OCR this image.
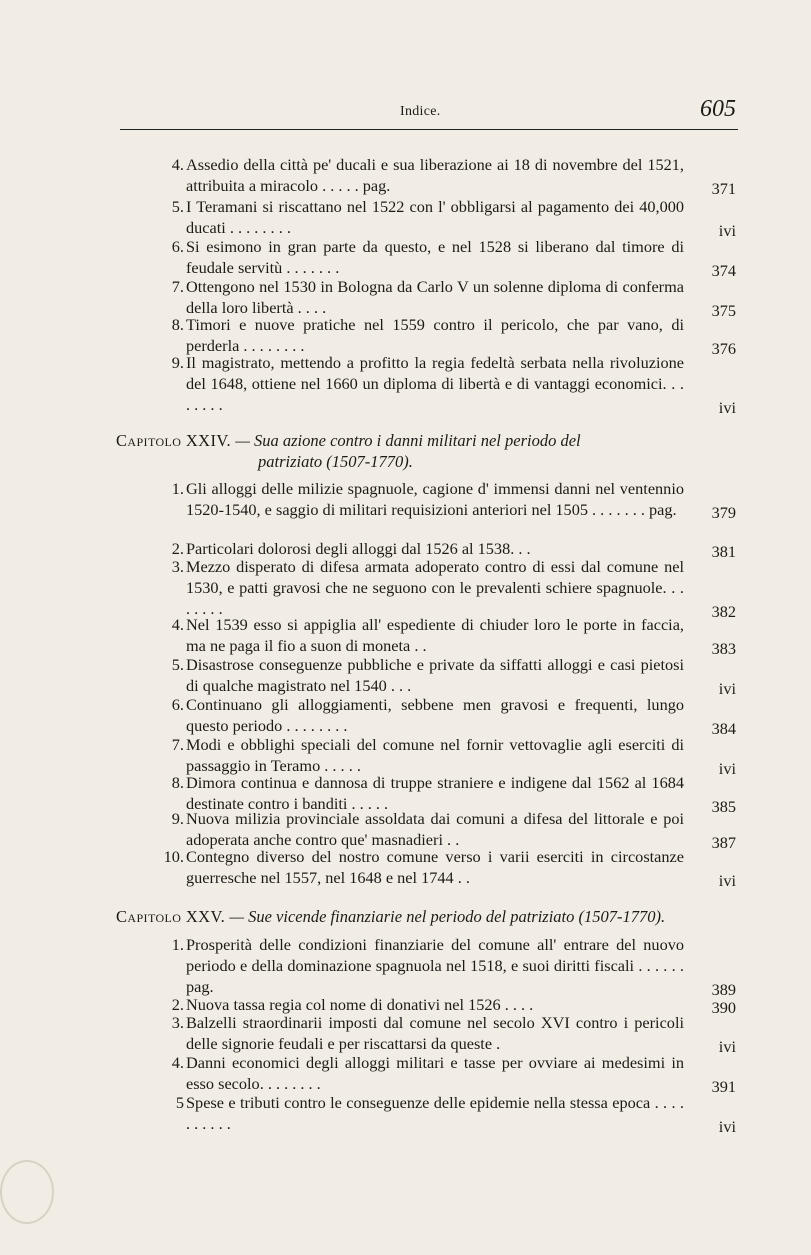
Indice.	605
4. Assedio della città pe' ducali e sua liberazione ai 18 di novembre del 1521, attribuita a miracolo . . . . . pag.	371
5. I Teramani si riscattano nel 1522 con l' obbligarsi al pagamento dei 40,000 ducati . . . . . . . .	ivi
6. Si esimono in gran parte da questo, e nel 1528 si liberano dal timore di feudale servitù . . . . . . .	374
7. Ottengono nel 1530 in Bologna da Carlo V un solenne diploma di conferma della loro libertà . . . .	375
8. Timori e nuove pratiche nel 1559 contro il pericolo, che par vano, di perderla . . . . . . . .	376
9. Il magistrato, mettendo a profitto la regia fedeltà serbata nella rivoluzione del 1648, ottiene nel 1660 un diploma di libertà e di vantaggi economici. . . . . . . .	ivi
Capitolo XXIV. — Sua azione contro i danni militari nel periodo del
patriziato (1507-1770).
1. Gli alloggi delle milizie spagnuole, cagione d' immensi danni nel ventennio 1520-1540, e saggio di militari requisizioni anteriori nel 1505 . . . . . . . pag.	379
2. Particolari dolorosi degli alloggi dal 1526 al 1538. . .	381
3. Mezzo disperato di difesa armata adoperato contro di essi dal comune nel 1530, e patti gravosi che ne seguono con le prevalenti schiere spagnuole. . . . . . . .	382
4. Nel 1539 esso si appiglia all' espediente di chiuder loro le porte in faccia, ma ne paga il fio a suon di moneta . .	383
5. Disastrose conseguenze pubbliche e private da siffatti alloggi e casi pietosi di qualche magistrato nel 1540 . . .	ivi
6. Continuano gli alloggiamenti, sebbene men gravosi e frequenti, lungo questo periodo . . . . . . . .	384
7. Modi e obblighi speciali del comune nel fornir vettovaglie agli eserciti di passaggio in Teramo . . . . .	ivi
8. Dimora continua e dannosa di truppe straniere e indigene dal 1562 al 1684 destinate contro i banditi . . . . .	385
9. Nuova milizia provinciale assoldata dai comuni a difesa del littorale e poi adoperata anche contro que' masnadieri . .	387
10. Contegno diverso del nostro comune verso i varii eserciti in circostanze guerresche nel 1557, nel 1648 e nel 1744 . .	ivi
Capitolo XXV. — Sue vicende finanziarie nel periodo del patriziato (1507-1770).
1. Prosperità delle condizioni finanziarie del comune all' entrare del nuovo periodo e della dominazione spagnuola nel 1518, e suoi diritti fiscali . . . . . . pag.	389
2. Nuova tassa regia col nome di donativi nel 1526 . . . .	390
3. Balzelli straordinarii imposti dal comune nel secolo XVI contro i pericoli delle signorie feudali e per riscattarsi da queste .	ivi
4. Danni economici degli alloggi militari e tasse per ovviare ai medesimi in esso secolo. . . . . . . .	391
5 Spese e tributi contro le conseguenze delle epidemie nella stessa epoca . . . . . . . . . .	ivi
